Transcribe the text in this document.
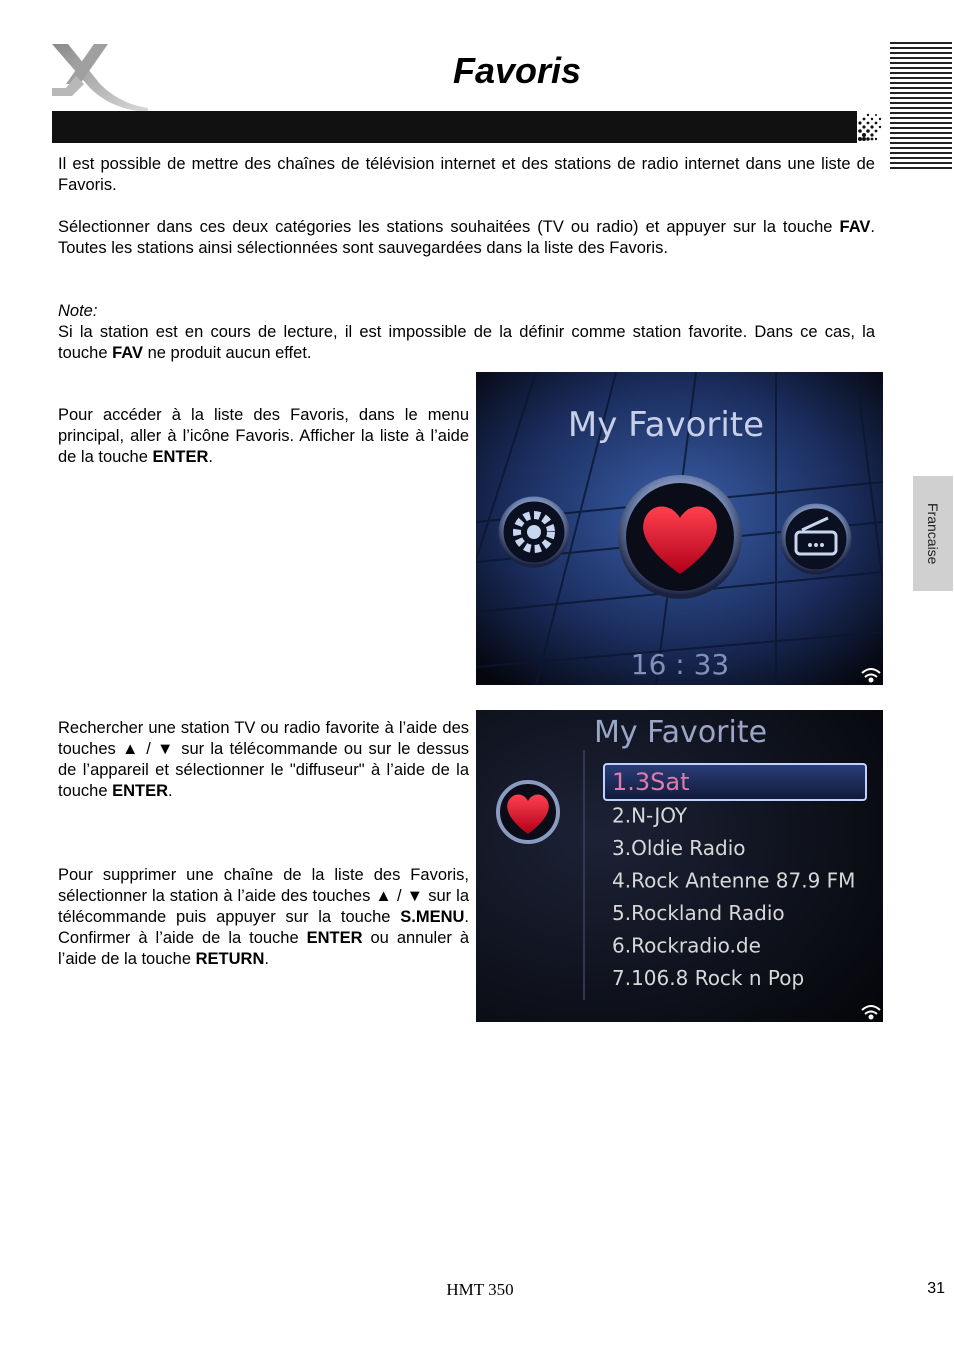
Favoris
Francaise
Il est possible de mettre des chaînes de télévision internet et des stations de radio internet dans une liste de Favoris.
Sélectionner dans ces deux catégories les stations souhaitées (TV ou radio) et appuyer sur la touche FAV. Toutes les stations ainsi sélectionnées sont sauvegardées dans la liste des Favoris.
Note:
Si la station est en cours de lecture, il est impossible de la définir comme station favorite. Dans ce cas, la touche FAV ne produit aucun effet.
Pour accéder à la liste des Favoris, dans le menu principal, aller à l’icône Favoris. Afficher la liste à l’aide de la touche ENTER.
Rechercher une station TV ou radio favorite à l’aide des touches ▲ / ▼ sur la télécommande ou sur le dessus de l’appareil et sélectionner le "diffuseur" à l’aide de la touche ENTER.
Pour supprimer une chaîne de la liste des Favoris, sélectionner la station à l’aide des touches ▲ / ▼ sur la télécommande puis appuyer sur la touche S.MENU. Confirmer à l’aide de la touche ENTER ou annuler à l’aide de la touche RETURN.
My Favorite
16 : 33
My Favorite
1.3Sat
2.N-JOY
3.Oldie Radio
4.Rock Antenne 87.9 FM
5.Rockland Radio
6.Rockradio.de
7.106.8 Rock n Pop
HMT 350	31
